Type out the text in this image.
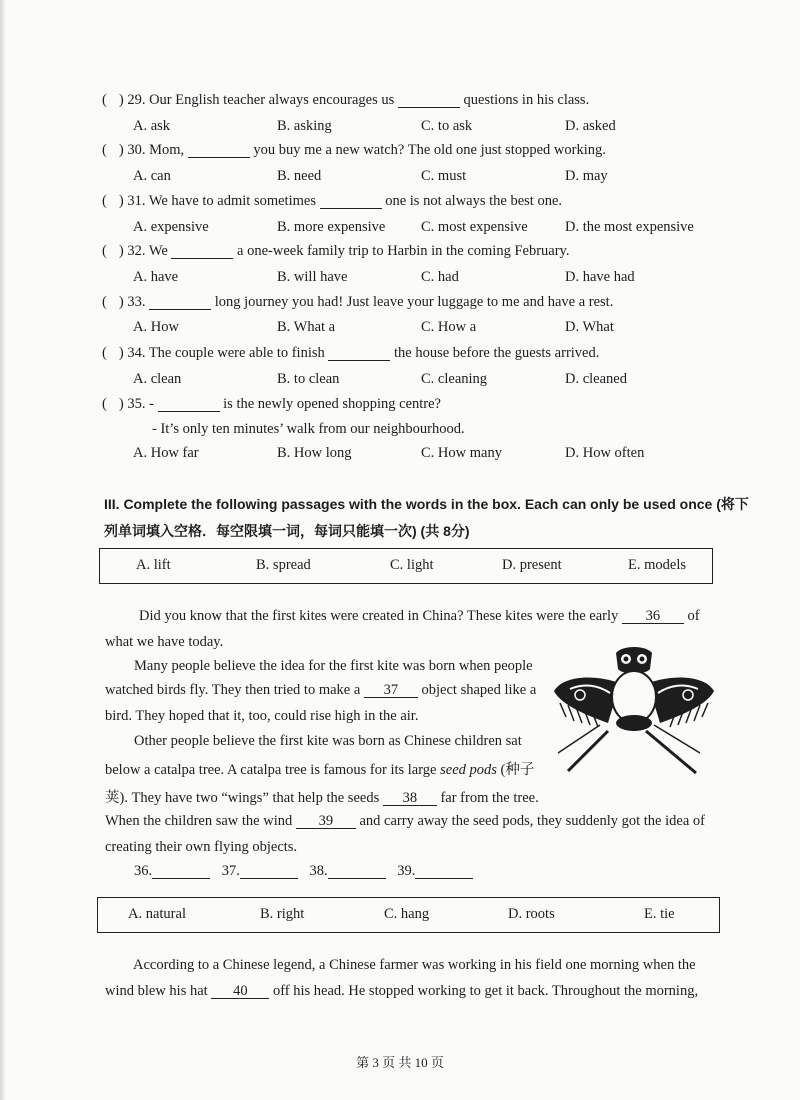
( ) 29. Our English teacher always encourages us	questions in his class.
A. ask	B. asking	C. to ask	D. asked
( ) 30. Mom,	you buy me a new watch? The old one just stopped working.
A. can	B. need	C. must	D. may
( ) 31. We have to admit sometimes	one is not always the best one.
A. expensive	B. more expensive C. most expensive	D. the most expensive
( ) 32. We	a one-week family trip to Harbin in the coming February.
A. have	B. will have	C. had	D. have had
( ) 33.	long journey you had! Just leave your luggage to me and have a rest.
A. How	B. What a	C. How a	D. What
( ) 34. The couple were able to finish	the house before the guests arrived.
A. clean	B. to clean	C. cleaning	D. cleaned
( ) 35. -	is the newly opened shopping centre?
- It’s only ten minutes’ walk from our neighbourhood.
A. How far	B. How long	C. How many	D. How often
III. Complete the following passages with the words in the box. Each can only be used once (将下
列单词填入空格．每空限填一词，每词只能填一次) (共 8分)
A. lift	B. spread	C. light	D. present	E. models
Did you know that the first kites were created in China? These kites were the early 36 of
what we have today.
Many people believe the idea for the first kite was born when people
watched birds fly. They then tried to make a 37 object shaped like a
bird. They hoped that it, too, could rise high in the air.
Other people believe the first kite was born as Chinese children sat
below a catalpa tree. A catalpa tree is famous for its large seed pods (种子
荚). They have two “wings” that help the seeds 38 far from the tree.
When the children saw the wind 39 and carry away the seed pods, they suddenly got the idea of
creating their own flying objects.
36.	37.	38.	39.
A. natural	B. right	C. hang	D. roots	E. tie
According to a Chinese legend, a Chinese farmer was working in his field one morning when the
wind blew his hat 40 off his head. He stopped working to get it back. Throughout the morning,
第 3 页 共 10 页
